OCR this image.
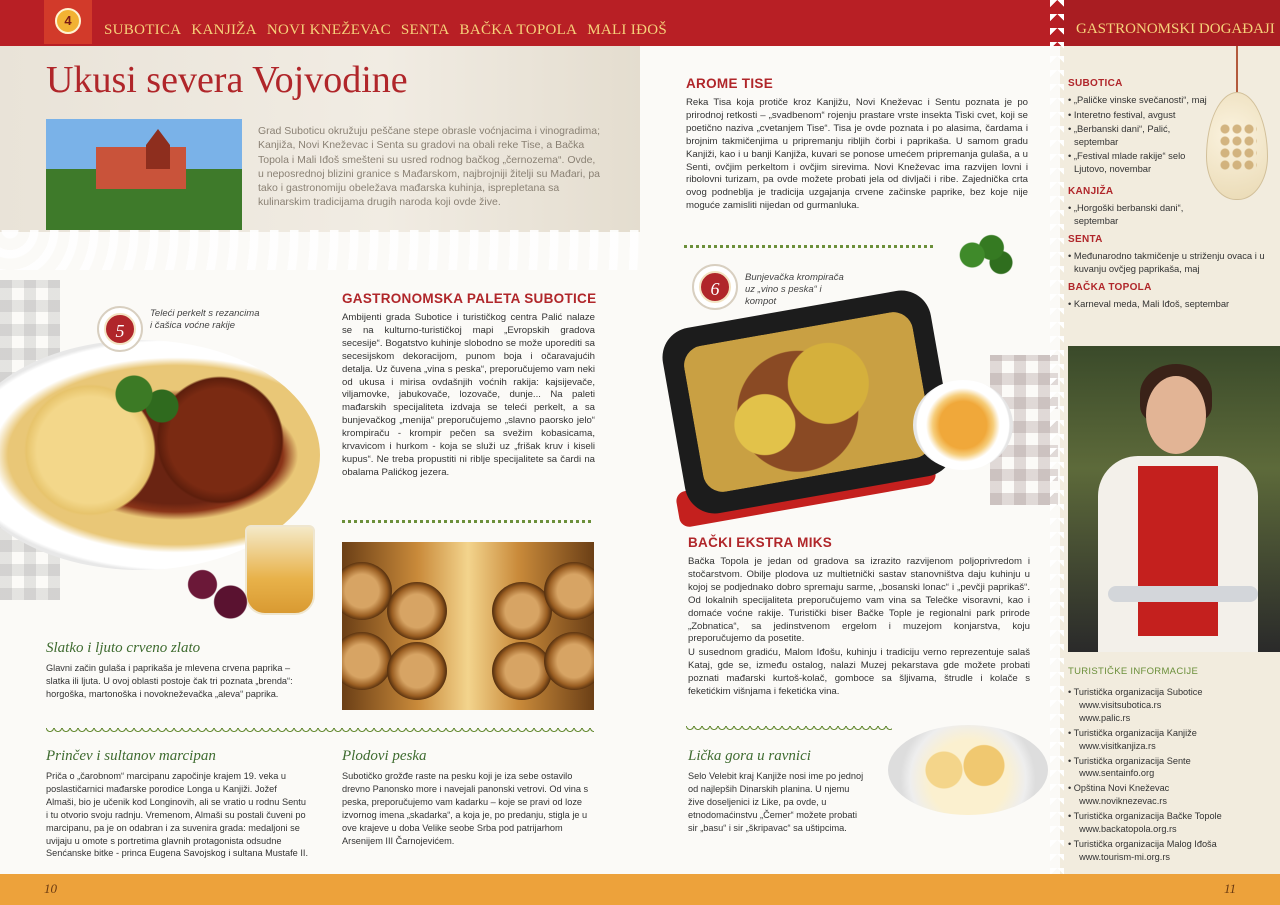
4
SUBOTICA KANJIŽA NOVI KNEŽEVAC SENTA BAČKA TOPOLA MALI IĐOŠ	GASTRONOMSKI DOGAĐAJI
Ukusi severa Vojvodine

Grad Suboticu okružuju peščane stepe obrasle voćnjacima i vinogradima; Kanjiža, Novi Kneževac i Senta su gradovi na obali reke Tise, a Bačka Topola i Mali Iđoš smešteni su usred rodnog bačkog „černozema“. Ovde, u neposrednoj blizini granice s Mađarskom, najbrojniji žitelji su Mađari, pa tako i gastronomiju obeležava mađarska kuhinja, isprepletana sa kulinarskim tradicijama drugih naroda koji ovde žive.

5
Teleći perkelt s rezancima i čašica voćne rakije
GASTRONOMSKA PALETA SUBOTICE

Ambijenti grada Subotice i turističkog centra Palić nalaze se na kulturno-turističkoj mapi „Evropskih gradova secesije“. Bogatstvo kuhinje slobodno se može uporediti sa secesijskom dekoracijom, punom boja i očaravajućih detalja. Uz čuvena „vina s peska“, preporučujemo vam neki od ukusa i mirisa ovdašnjih voćnih rakija: kajsijevače, viljamovke, jabukovače, lozovače, dunje... Na paleti mađarskih specijaliteta izdvaja se teleći perkelt, a sa bunjevačkog „menija“ preporučujemo „slavno paorsko jelo“ krompiraču - krompir pečen sa svežim kobasicama, krvavicom i hurkom - koja se služi uz „frišak kruv i kiseli kupus“. Ne treba propustiti ni riblje specijalitete sa čardi na obalama Palićkog jezera.

Slatko i ljuto crveno zlato

Glavni začin gulaša i paprikaša je mlevena crvena paprika – slatka ili ljuta. U ovoj oblasti postoje čak tri poznata „brenda“: horgoška, martonoška i novokneževačka „aleva“ paprika.

Prinčev i sultanov marcipan

Priča o „čarobnom“ marcipanu započinje krajem 19. veka u poslastičarnici mađarske porodice Longa u Kanjiži. Jožef Almaši, bio je učenik kod Longinovih, ali se vratio u rodnu Sentu i tu otvorio svoju radnju. Vremenom, Almaši su postali čuveni po marcipanu, pa je on odabran i za suvenira grada: medaljoni se uvijaju u omote s portretima glavnih protagonista odsudne Senćanske bitke - princa Eugena Savojskog i sultana Mustafe II.

Plodovi peska

Subotičko grožđe raste na pesku koji je iza sebe ostavilo drevno Panonsko more i navejali panonski vetrovi. Od vina s peska, preporučujemo vam kadarku – koje se pravi od loze izvornog imena „skadarka“, a koja je, po predanju, stigla je u ove krajeve u doba Velike seobe Srba pod patrijarhom Arsenijem III Čarnojevićem.

AROME TISE

Reka Tisa koja protiče kroz Kanjižu, Novi Kneževac i Sentu poznata je po prirodnoj retkosti – „svadbenom“ rojenju prastare vrste insekta Tiski cvet, koji se poetično naziva „cvetanjem Tise“. Tisa je ovde poznata i po alasima, čardama i brojnim takmičenjima u pripremanju ribljih čorbi i paprikaša. U samom gradu Kanjiži, kao i u banji Kanjiža, kuvari se ponose umećem pripremanja gulaša, a u Senti, ovčjim perkeltom i ovčjim sirevima. Novi Kneževac ima razvijen lovni i ribolovni turizam, pa ovde možete probati jela od divljači i ribe. Zajednička crta ovog podneblja je tradicija uzgajanja crvene začinske paprike, bez koje nije moguće zamisliti nijedan od gurmanluka.

6
Bunjevačka krompirača uz „vino s peska“ i kompot
BAČKI EKSTRA MIKS

Bačka Topola je jedan od gradova sa izrazito razvijenom poljoprivredom i stočarstvom. Obilje plodova uz multietnički sastav stanovništva daju kuhinju u kojoj se podjednako dobro spremaju sarme, „bosanski lonac“ i „pevčji paprikaš“. Od lokalnih specijaliteta preporučujemo vam vina sa Telečke visoravni, kao i domaće voćne rakije. Turistički biser Bačke Tople je regionalni park prirode „Zobnatica“, sa jedinstvenom ergelom i muzejom konjarstva, koju preporučujemo da posetite.

U susednom gradiću, Malom Iđošu, kuhinju i tradiciju verno reprezentuje salaš Kataj, gde se, između ostalog, nalazi Muzej pekarstava gde možete probati poznati mađarski kurtoš-kolač, gomboce sa šljivama, štrudle i kolače s feketićkim višnjama i feketićka vina.

Lička gora u ravnici

Selo Velebit kraj Kanjiže nosi ime po jednoj od najlepših Dinarskih planina. U njemu žive doseljenici iz Like, pa ovde, u etnodomaćinstvu „Čemer“ možete probati sir „basu“ i sir „škripavac“ sa uštipcima.

SUBOTICA
• „Paličke vinske svečanosti“, maj
• Interetno festival, avgust
• „Berbanski dani“, Palić, septembar
• „Festival mlade rakije“ selo Ljutovo, novembar
KANJIŽA
• „Horgoški berbanski dani“, septembar
SENTA
• Međunarodno takmičenje u striženju ovaca i u kuvanju ovčjeg paprikaša, maj
BAČKA TOPOLA
• Karneval meda, Mali Iđoš, septembar
TURISTIČKE INFORMACIJE
• Turistička organizacija Subotice
www.visitsubotica.rs
www.palic.rs
• Turistička organizacija Kanjiže
www.visitkanjiza.rs
• Turistička organizacija Sente
www.sentainfo.org
• Opština Novi Kneževac
www.noviknezevac.rs
• Turistička organizacija Bačke Topole
www.backatopola.org.rs
• Turistička organizacija Malog Iđoša
www.tourism-mi.org.rs
10	11
